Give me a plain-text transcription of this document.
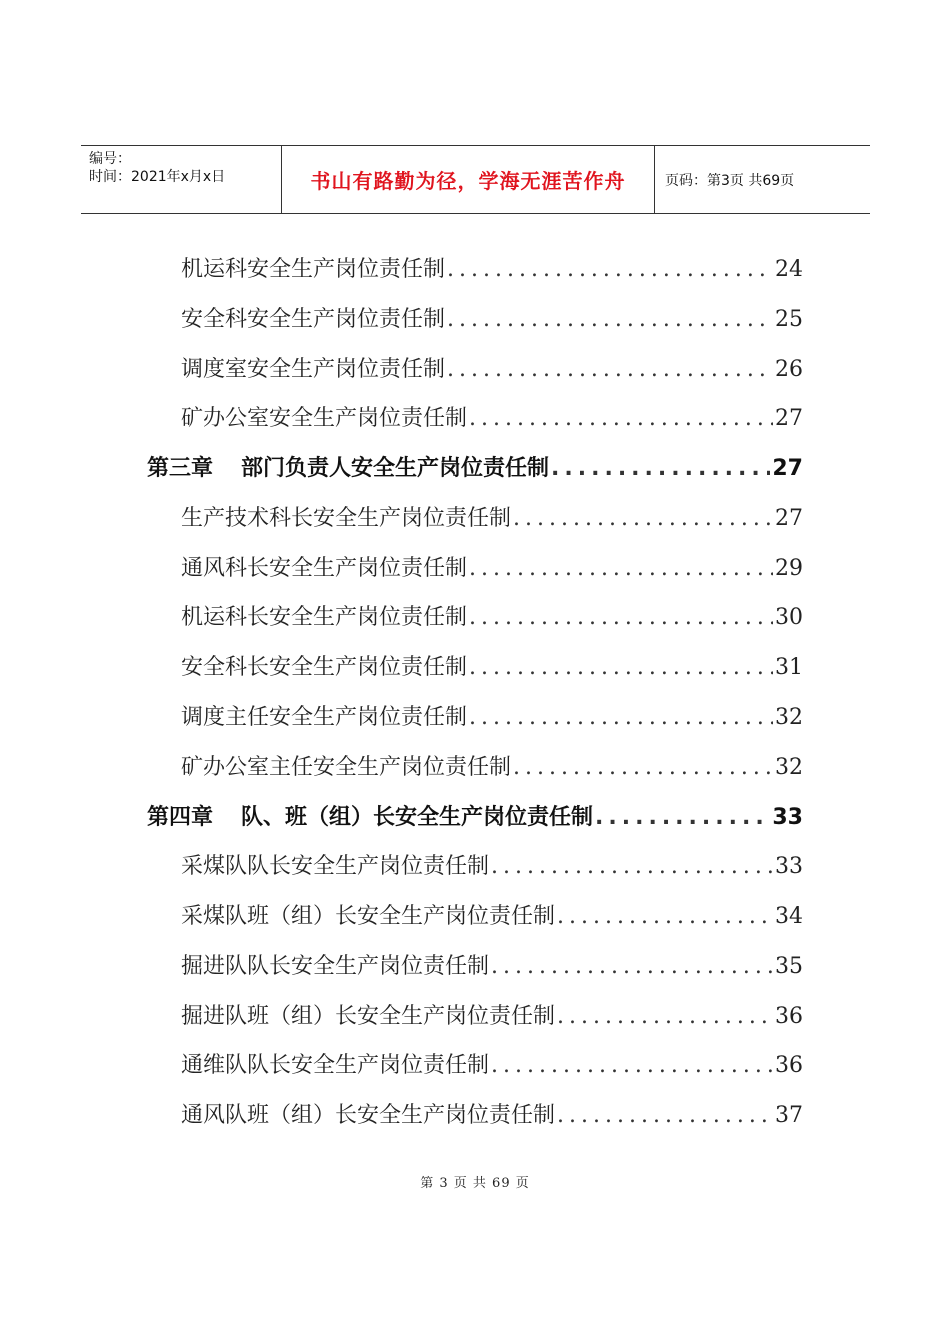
编号：
时间：2021年x月x日	书山有路勤为径，学海无涯苦作舟	页码：第3页 共69页
机运科安全生产岗位责任制 .....	24
安全科安全生产岗位责任制 .....	25
调度室安全生产岗位责任制 .....	26
矿办公室安全生产岗位责任制 .....	27
第三章 部门负责人安全生产岗位责任制 .....	27
生产技术科长安全生产岗位责任制 .....	27
通风科长安全生产岗位责任制 .....	29
机运科长安全生产岗位责任制 .....	30
安全科长安全生产岗位责任制 .....	31
调度主任安全生产岗位责任制 .....	32
矿办公室主任安全生产岗位责任制 .....	32
第四章 队、班（组）长安全生产岗位责任制 .....	33
采煤队队长安全生产岗位责任制 .....	33
采煤队班（组）长安全生产岗位责任制 .....	34
掘进队队长安全生产岗位责任制 .....	35
掘进队班（组）长安全生产岗位责任制 .....	36
通维队队长安全生产岗位责任制 .....	36
通风队班（组）长安全生产岗位责任制 .....	37
第 3 页 共 69 页
